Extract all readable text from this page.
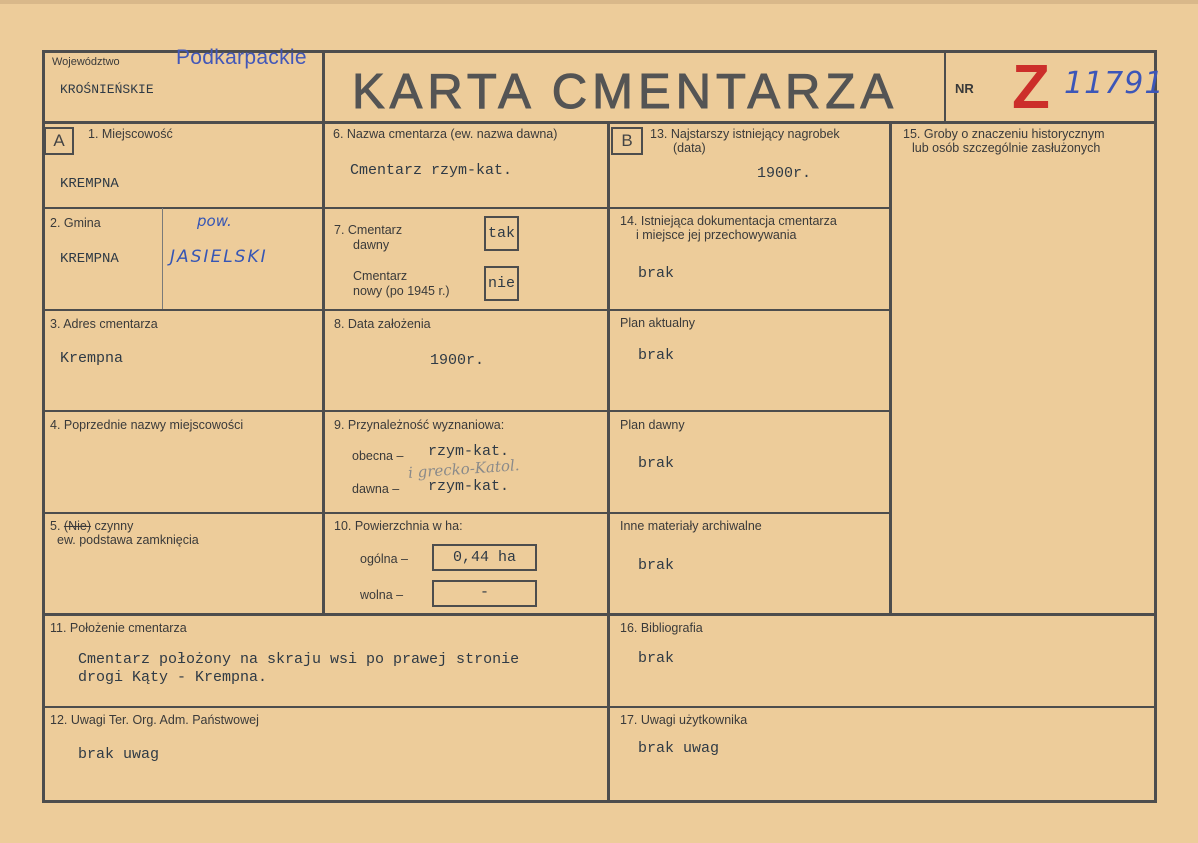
Województwo	Podkarpackie
KROŚNIEŃSKIE	KARTA CMENTARZA	NR Z 11791
A	B
1. Miejscowość
KREMPNA
2. Gmina
KREMPNA
pow.
JASIELSKI
3. Adres cmentarza
Krempna
4. Poprzednie nazwy miejscowości
5. (Nie) czynny
ew. podstawa zamknięcia
6. Nazwa cmentarza (ew. nazwa dawna)
Cmentarz rzym-kat.
7. Cmentarz
dawny
tak
Cmentarz
nowy (po 1945 r.)	nie
8. Data założenia
1900r.
9. Przynależność wyznaniowa:
obecna – rzym-kat.
i grecko-Katol.
dawna – rzym-kat.
10. Powierzchnia w ha:
ogólna –	0,44 ha
wolna –	-
11. Położenie cmentarza
Cmentarz położony na skraju wsi po prawej stronie
drogi Kąty - Krempna.
12. Uwagi Ter. Org. Adm. Państwowej
brak uwag
13. Najstarszy istniejący nagrobek
(data)
1900r.
14. Istniejąca dokumentacja cmentarza
i miejsce jej przechowywania
brak
Plan aktualny
brak
Plan dawny
brak
Inne materiały archiwalne
brak
15. Groby o znaczeniu historycznym
lub osób szczególnie zasłużonych
16. Bibliografia
brak
17. Uwagi użytkownika
brak uwag
